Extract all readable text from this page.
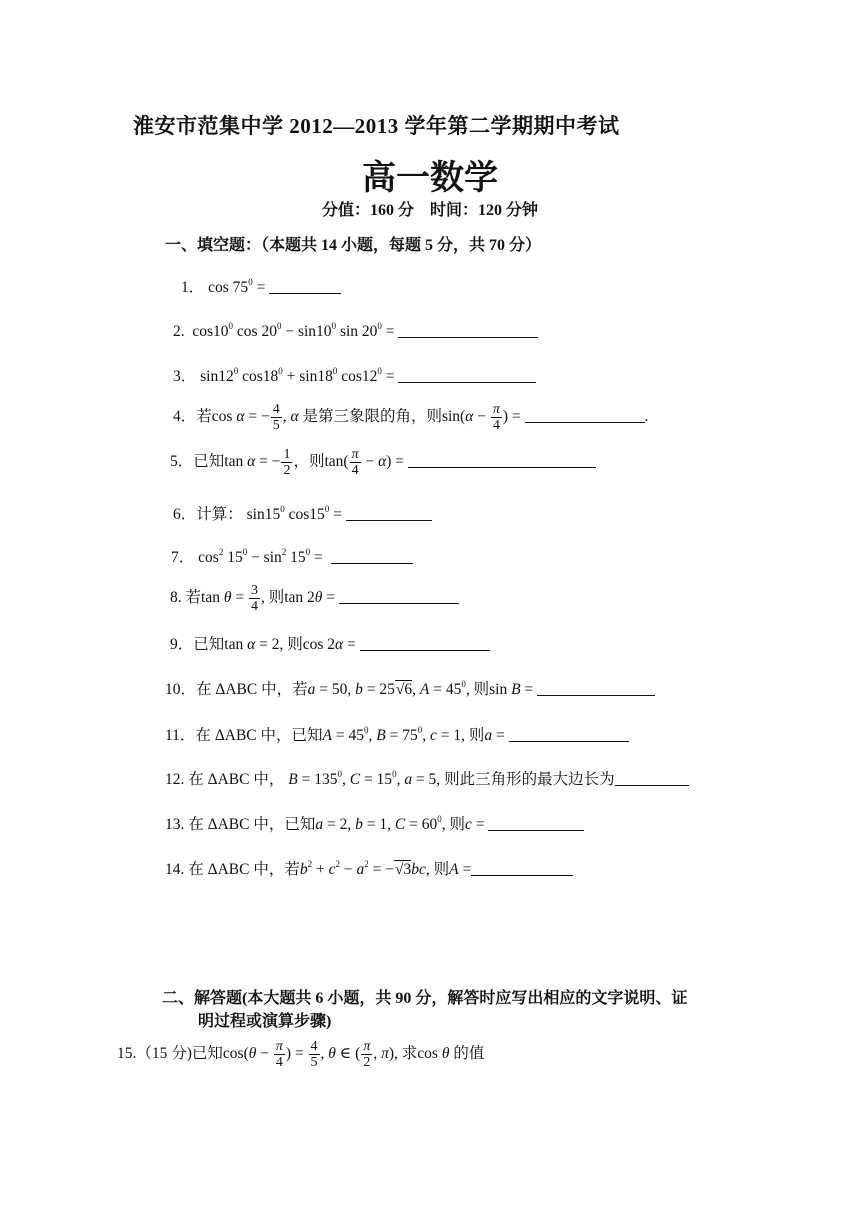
淮安市范集中学 2012—2013 学年第二学期期中考试
高一数学
分值：160 分　时间：120 分钟
一、填空题：（本题共 14 小题，每题 5 分，共 70 分）
1． $\cos 75^0$ =
2.  $\cos 10^0$ $\cos 20^0 - \sin 10^0$ $\sin 20^0$ =
3． $\sin 12^0$ $\cos 18^0 + \sin 18^0$ $\cos 12^0$ =
4．若cos α = − $\frac{4}{5}$ , α 是第三象限的角，则$\sin(\alpha - \frac{\pi}{4}$ ) =	.
5．已知tan α = − $\frac{1}{2}$ ，则$\tan( \frac{\pi}{4} - \alpha)$ =
6．计算： $\sin 15^0$ $\cos 15^0$ =
7． $\cos^2 15^0 - \sin^2 15^0$ =
8. 若$\tan \theta = \frac{3}{4}$ , 则tan 2θ =
9．已知tan α = 2, 则cos 2α =
10．在 ΔABC 中，若a = 50, b = 25√6, $A = 45^0$, 则sin B =
11．在 ΔABC 中，已知$A = 45^0$, $B = 75^0$, c = 1, 则a =
12. 在 ΔABC 中， $B = 135^0$, $C = 15^0$, a = 5, 则此三角形的最大边长为
13. 在 ΔABC 中，已知a = 2, b = 1, $C = 60^0$, 则c =
14. 在 ΔABC 中，若$b^2 + c^2 - a^2 = -√3bc$, 则A =
二、解答题(本大题共 6 小题，共 90 分，解答时应写出相应的文字说明、证
明过程或演算步骤)
15.（15 分)已知$\cos(\theta - \frac{\pi}{4}$ ) = $\frac{4}{5}$ , θ ∈ ( $\frac{\pi}{2}$ , π), 求cos θ 的值
